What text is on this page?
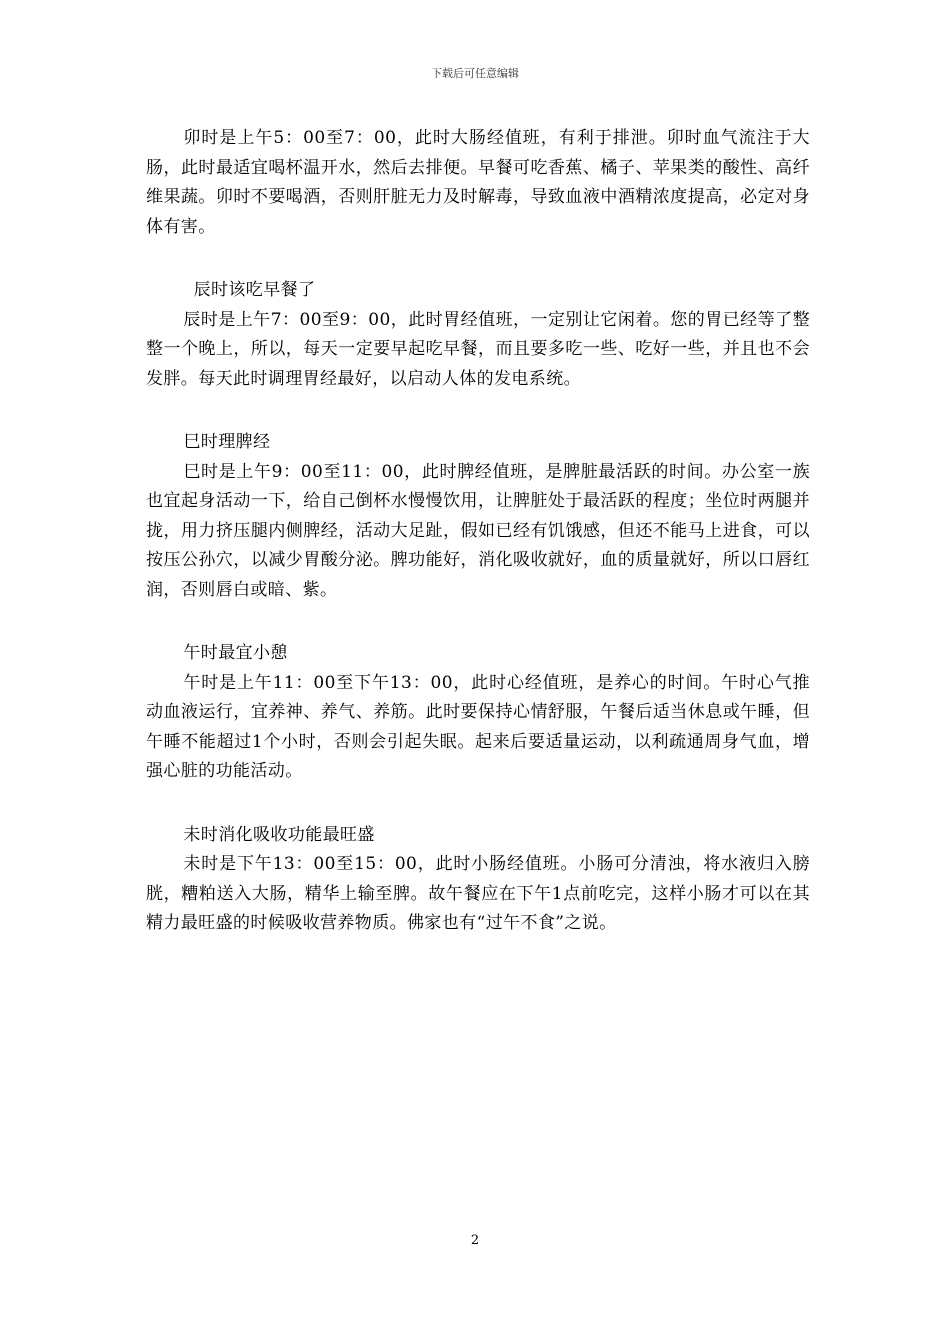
下载后可任意编辑

卯时是上午5：00至7：00，此时大肠经值班，有利于排泄。卯时血气流注于大肠，此时最适宜喝杯温开水，然后去排便。早餐可吃香蕉、橘子、苹果类的酸性、高纤维果蔬。卯时不要喝酒，否则肝脏无力及时解毒，导致血液中酒精浓度提高，必定对身体有害。

辰时该吃早餐了

辰时是上午7：00至9：00，此时胃经值班，一定别让它闲着。您的胃已经等了整整一个晚上，所以，每天一定要早起吃早餐，而且要多吃一些、吃好一些，并且也不会发胖。每天此时调理胃经最好，以启动人体的发电系统。

巳时理脾经

巳时是上午9：00至11：00，此时脾经值班，是脾脏最活跃的时间。办公室一族也宜起身活动一下，给自己倒杯水慢慢饮用，让脾脏处于最活跃的程度；坐位时两腿并拢，用力挤压腿内侧脾经，活动大足趾，假如已经有饥饿感，但还不能马上进食，可以按压公孙穴，以减少胃酸分泌。脾功能好，消化吸收就好，血的质量就好，所以口唇红润，否则唇白或暗、紫。

午时最宜小憩

午时是上午11：00至下午13：00，此时心经值班，是养心的时间。午时心气推动血液运行，宜养神、养气、养筋。此时要保持心情舒服，午餐后适当休息或午睡，但午睡不能超过1个小时，否则会引起失眠。起来后要适量运动，以利疏通周身气血，增强心脏的功能活动。

未时消化吸收功能最旺盛

未时是下午13：00至15：00，此时小肠经值班。小肠可分清浊，将水液归入膀胱，糟粕送入大肠，精华上输至脾。故午餐应在下午1点前吃完，这样小肠才可以在其精力最旺盛的时候吸收营养物质。佛家也有“过午不食”之说。

2
